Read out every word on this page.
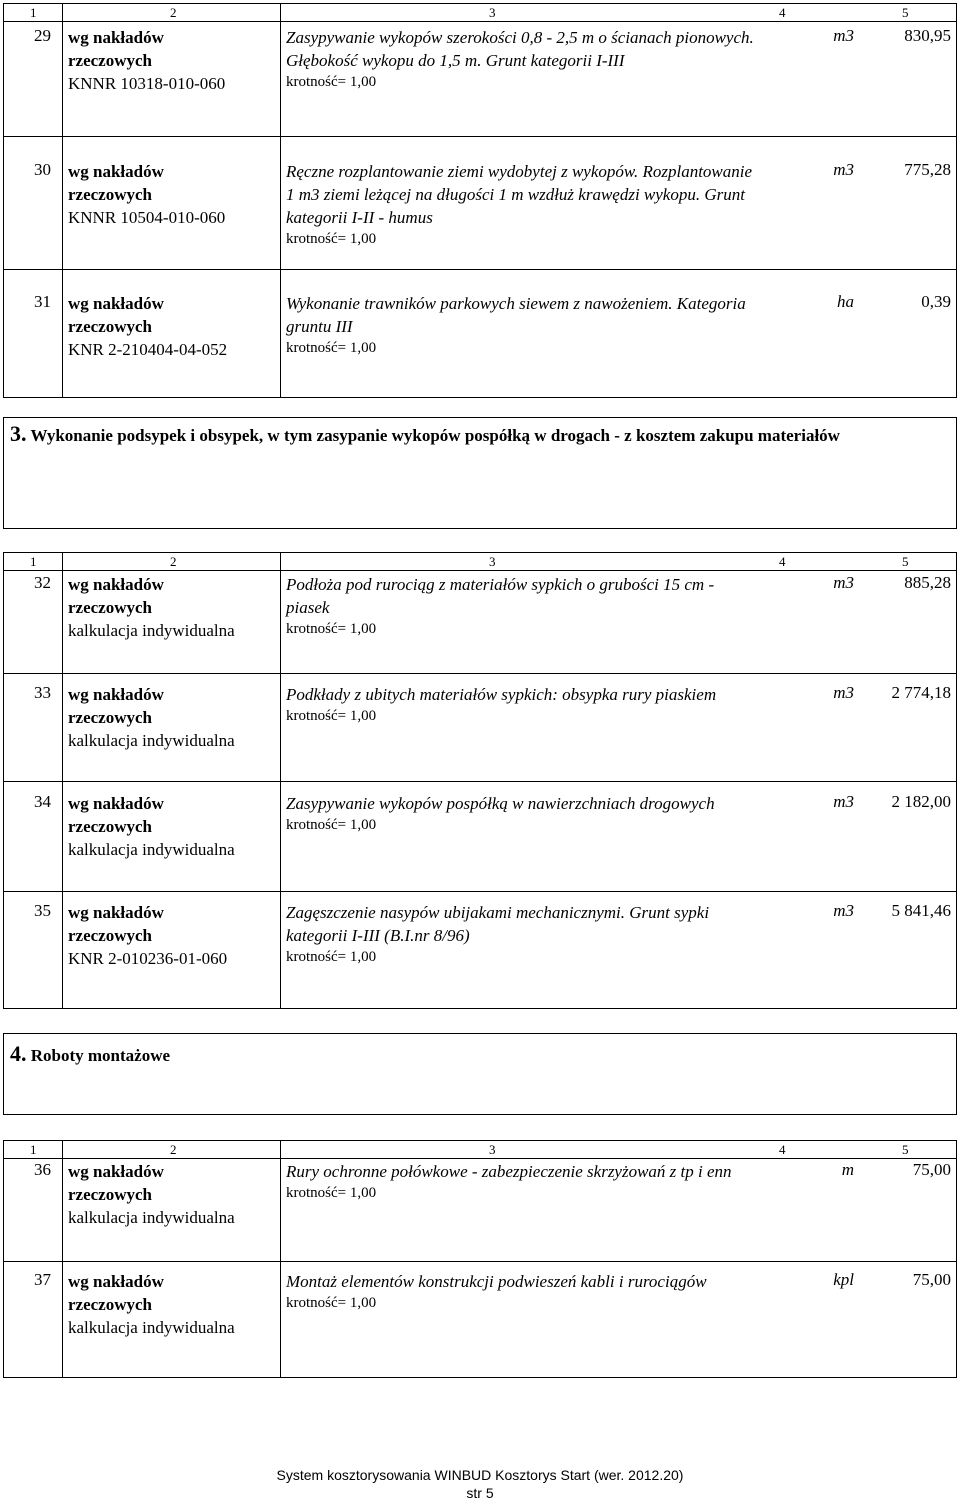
1	2	3	4	5
29 wg nakładów
rzeczowych
KNNR 10318-010-060
Zasypywanie wykopów szerokości 0,8 - 2,5 m o ścianach pionowych. Głębokość wykopu do 1,5 m. Grunt kategorii I-III
krotność= 1,00
m3	830,95
30 wg nakładów
rzeczowych
KNNR 10504-010-060
Ręczne rozplantowanie ziemi wydobytej z wykopów. Rozplantowanie 1 m3 ziemi leżącej na długości 1 m wzdłuż krawędzi wykopu. Grunt kategorii I-II - humus
krotność= 1,00
m3	775,28
31 wg nakładów
rzeczowych
KNR 2-210404-04-052
Wykonanie trawników parkowych siewem z nawożeniem. Kategoria gruntu III
krotność= 1,00
ha	0,39
3. Wykonanie podsypek i obsypek, w tym zasypanie wykopów pospółką w drogach - z kosztem zakupu materiałów
1	2	3	4	5
32 wg nakładów
rzeczowych
kalkulacja indywidualna
Podłoża pod rurociąg z materiałów sypkich o grubości 15 cm - piasek
krotność= 1,00
m3	885,28
33 wg nakładów
rzeczowych
kalkulacja indywidualna
Podkłady z ubitych materiałów sypkich: obsypka rury piaskiem
krotność= 1,00
m3 2 774,18
34 wg nakładów
rzeczowych
kalkulacja indywidualna
Zasypywanie wykopów pospółką w nawierzchniach drogowych
krotność= 1,00
m3 2 182,00
35 wg nakładów
rzeczowych
KNR 2-010236-01-060
Zagęszczenie nasypów ubijakami mechanicznymi. Grunt sypki kategorii I-III (B.I.nr 8/96)
krotność= 1,00
m3 5 841,46
4. Roboty montażowe
1	2	3	4	5
36 wg nakładów
rzeczowych
kalkulacja indywidualna
Rury ochronne połówkowe - zabezpieczenie skrzyżowań z tp i enn
krotność= 1,00
m	75,00
37 wg nakładów
rzeczowych
kalkulacja indywidualna
Montaż elementów konstrukcji podwieszeń kabli i rurociągów
krotność= 1,00
kpl	75,00
System kosztorysowania WINBUD Kosztorys Start (wer. 2012.20)
str 5
